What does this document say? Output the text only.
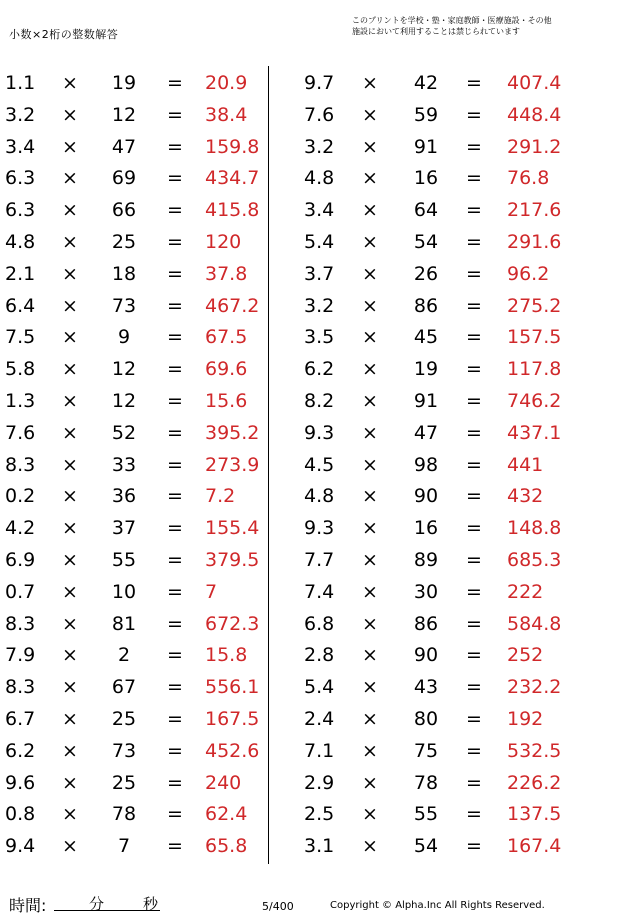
小数×2桁の整数解答
このプリントを学校・塾・家庭教師・医療施設・その他
施設において利用することは禁じられています
1.1 ×	19	= 20.9
3.2 ×	12	= 38.4
3.4 ×	47	= 159.8
6.3 ×	69	= 434.7
6.3 ×	66	= 415.8
4.8 ×	25	= 120
2.1 ×	18	= 37.8
6.4 ×	73	= 467.2
7.5 ×	9	= 67.5
5.8 ×	12	= 69.6
1.3 ×	12	= 15.6
7.6 ×	52	= 395.2
8.3 ×	33	= 273.9
0.2 ×	36	= 7.2
4.2 ×	37	= 155.4
6.9 ×	55	= 379.5
0.7 ×	10	= 7
8.3 ×	81	= 672.3
7.9 ×	2	= 15.8
8.3 ×	67	= 556.1
6.7 ×	25	= 167.5
6.2 ×	73	= 452.6
9.6 ×	25	= 240
0.8 ×	78	= 62.4
9.4 ×	7	= 65.8
9.7 ×	42	= 407.4
7.6 ×	59	= 448.4
3.2 ×	91	= 291.2
4.8 ×	16	= 76.8
3.4 ×	64	= 217.6
5.4 ×	54	= 291.6
3.7 ×	26	= 96.2
3.2 ×	86	= 275.2
3.5 ×	45	= 157.5
6.2 ×	19	= 117.8
8.2 ×	91	= 746.2
9.3 ×	47	= 437.1
4.5 ×	98	= 441
4.8 ×	90	= 432
9.3 ×	16	= 148.8
7.7 ×	89	= 685.3
7.4 ×	30	= 222
6.8 ×	86	= 584.8
2.8 ×	90	= 252
5.4 ×	43	= 232.2
2.4 ×	80	= 192
7.1 ×	75	= 532.5
2.9 ×	78	= 226.2
2.5 ×	55	= 137.5
3.1 ×	54	= 167.4
時間:	分	秒	5/400	Copyright © Alpha.Inc All Rights Reserved.
